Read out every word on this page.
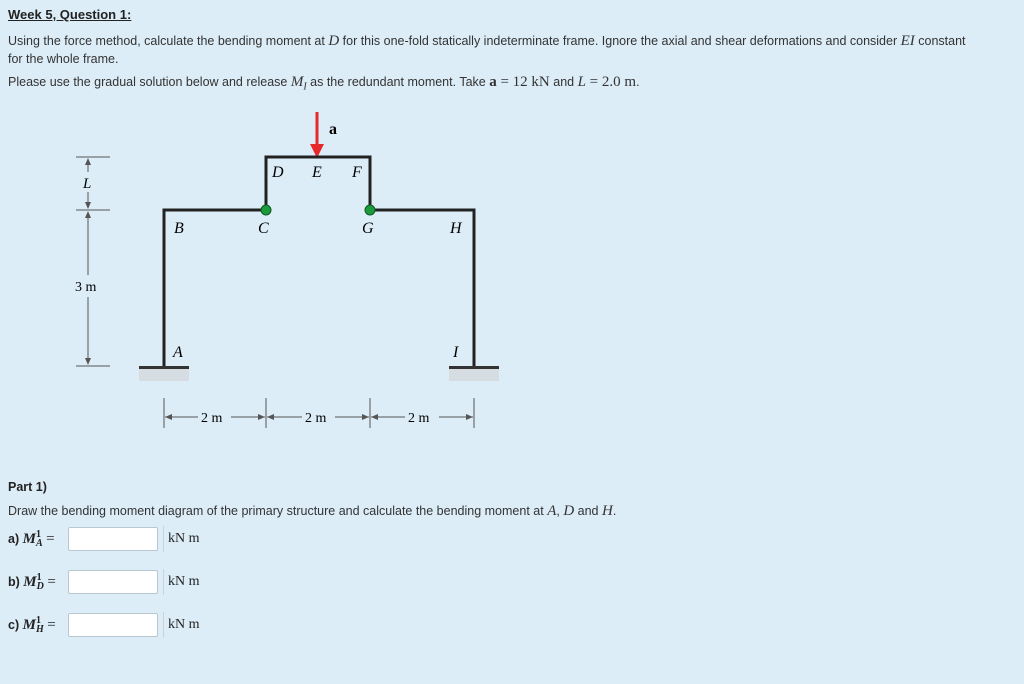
Week 5, Question 1:
Using the force method, calculate the bending moment at D for this one-fold statically indeterminate frame. Ignore the axial and shear deformations and consider EI constant
for the whole frame.
Please use the gradual solution below and release $M_I$ as the redundant moment. Take a = 12 kN and L = 2.0 m.
a
B	C
D E F
G	H
A	I
L
3 m
2 m	2 m	2 m
Part 1)
Draw the bending moment diagram of the primary structure and calculate the bending moment at A, D and H.
a)
M 1
A
=	kN m
b)
M 1
D
=	kN m
c)
M 1
H
=	kN m
